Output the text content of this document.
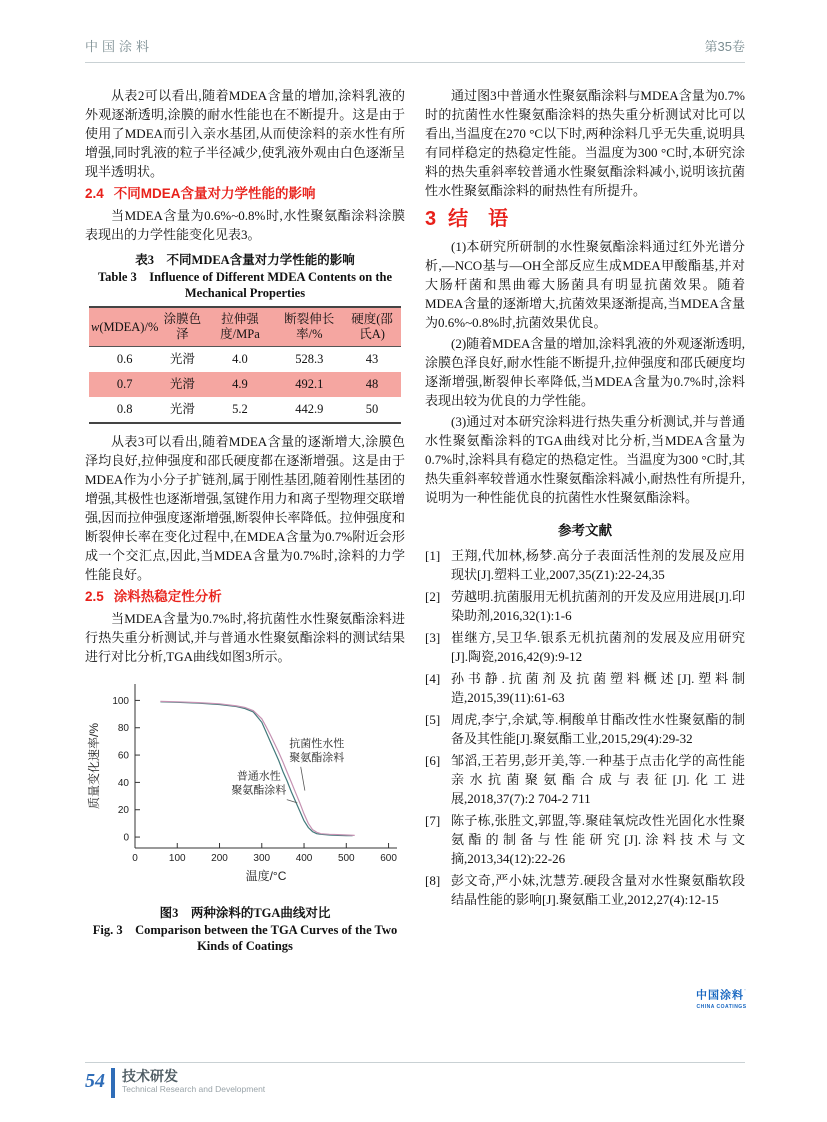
中国涂料	第35卷

从表2可以看出,随着MDEA含量的增加,涂料乳液的外观逐渐透明,涂膜的耐水性能也在不断提升。这是由于使用了MDEA而引入亲水基团,从而使涂料的亲水性有所增强,同时乳液的粒子半径减少,使乳液外观由白色逐渐呈现半透明状。

2.4 不同MDEA含量对力学性能的影响

当MDEA含量为0.6%~0.8%时,水性聚氨酯涂料涂膜表现出的力学性能变化见表3。

表3　不同MDEA含量对力学性能的影响
Table 3　Influence of Different MDEA Contents on the
Mechanical Properties
w(MDEA)/%	涂膜色泽	拉伸强度/MPa	断裂伸长率/%	硬度(邵氏A)
0.6	光滑	4.0	528.3	43
0.7	光滑	4.9	492.1	48
0.8	光滑	5.2	442.9	50

从表3可以看出,随着MDEA含量的逐渐增大,涂膜色泽均良好,拉伸强度和邵氏硬度都在逐渐增强。这是由于MDEA作为小分子扩链剂,属于刚性基团,随着刚性基团的增强,其极性也逐渐增强,氢键作用力和离子型物理交联增强,因而拉伸强度逐渐增强,断裂伸长率降低。拉伸强度和断裂伸长率在变化过程中,在MDEA含量为0.7%附近会形成一个交汇点,因此,当MDEA含量为0.7%时,涂料的力学性能良好。

2.5 涂料热稳定性分析

当MDEA含量为0.7%时,将抗菌性水性聚氨酯涂料进行热失重分析测试,并与普通水性聚氨酯涂料的测试结果进行对比分析,TGA曲线如图3所示。

0	100	200	300	400	500	600
0
20
40
60
80
100
温度/°C
质量变化速率/%	抗菌性水性
聚氨酯涂料
普通水性
聚氨酯涂料
图3　两种涂料的TGA曲线对比
Fig. 3　Comparison between the TGA Curves of the Two
Kinds of Coatings

通过图3中普通水性聚氨酯涂料与MDEA含量为0.7%时的抗菌性水性聚氨酯涂料的热失重分析测试对比可以看出,当温度在270 °C以下时,两种涂料几乎无失重,说明具有同样稳定的热稳定性能。当温度为300 °C时,本研究涂料的热失重斜率较普通水性聚氨酯涂料减小,说明该抗菌性水性聚氨酯涂料的耐热性有所提升。

3 结　语

(1)本研究所研制的水性聚氨酯涂料通过红外光谱分析,—NCO基与—OH全部反应生成MDEA甲酸酯基,并对大肠杆菌和黑曲霉大肠菌具有明显抗菌效果。随着MDEA含量的逐渐增大,抗菌效果逐渐提高,当MDEA含量为0.6%~0.8%时,抗菌效果优良。

(2)随着MDEA含量的增加,涂料乳液的外观逐渐透明,涂膜色泽良好,耐水性能不断提升,拉伸强度和邵氏硬度均逐渐增强,断裂伸长率降低,当MDEA含量为0.7%时,涂料表现出较为优良的力学性能。

(3)通过对本研究涂料进行热失重分析测试,并与普通水性聚氨酯涂料的TGA曲线对比分析,当MDEA含量为0.7%时,涂料具有稳定的热稳定性。当温度为300 °C时,其热失重斜率较普通水性聚氨酯涂料减小,耐热性有所提升,说明为一种性能优良的抗菌性水性聚氨酯涂料。

参考文献
[1] 王翔,代加林,杨梦.高分子表面活性剂的发展及应用现状[J].塑料工业,2007,35(Z1):22-24,35
[2] 劳越明.抗菌服用无机抗菌剂的开发及应用进展[J].印染助剂,2016,32(1):1-6
[3] 崔继方,吴卫华.银系无机抗菌剂的发展及应用研究[J].陶瓷,2016,42(9):9-12
[4] 孙书静.抗菌剂及抗菌塑料概述[J].塑料制造,2015,39(11):61-63
[5] 周虎,李宁,余斌,等.桐酸单甘酯改性水性聚氨酯的制备及其性能[J].聚氨酯工业,2015,29(4):29-32
[6] 邹滔,王若男,彭开美,等.一种基于点击化学的高性能亲水抗菌聚氨酯合成与表征[J].化工进展,2018,37(7):2 704-2 711
[7] 陈子栋,张胜文,郭盟,等.聚硅氧烷改性光固化水性聚氨酯的制备与性能研究[J].涂料技术与文摘,2013,34(12):22-26
[8] 彭文奇,严小妹,沈慧芳.硬段含量对水性聚氨酯软段结晶性能的影响[J].聚氨酯工业,2012,27(4):12-15
中国涂料˙
CHINA COATINGS
54 技术研发
Technical Research and Development
